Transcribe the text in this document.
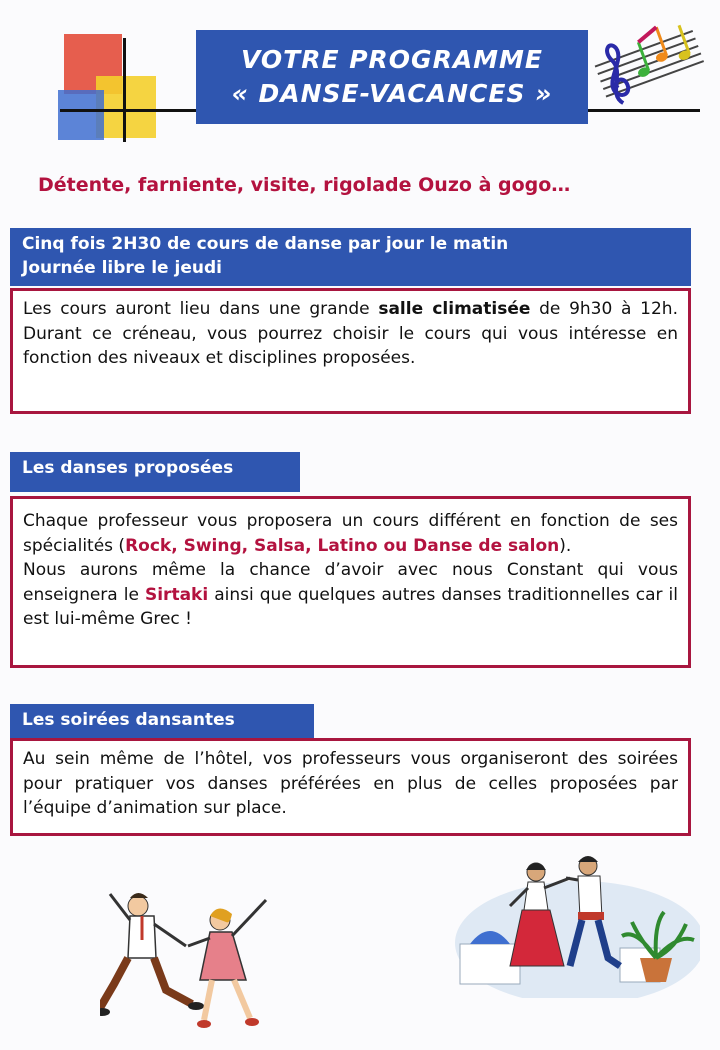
VOTRE PROGRAMME
« DANSE-VACANCES »
Détente, farniente, visite, rigolade Ouzo à gogo…
Cinq fois 2H30 de cours de danse par jour le matin
Journée libre le jeudi

Les cours auront lieu dans une grande salle climatisée de 9h30 à 12h. Durant ce créneau, vous pourrez choisir le cours qui vous intéresse en fonction des niveaux et disciplines proposées.

Les danses proposées

Chaque professeur vous proposera un cours différent en fonction de ses spécialités (Rock, Swing, Salsa, Latino ou Danse de salon).

Nous aurons même la chance d’avoir avec nous Constant qui vous enseignera le Sirtaki ainsi que quelques autres danses traditionnelles car il est lui-même Grec !

Les soirées dansantes

Au sein même de l’hôtel, vos professeurs vous organiseront des soirées pour pratiquer vos danses préférées en plus de celles proposées par l’équipe d’animation sur place.
